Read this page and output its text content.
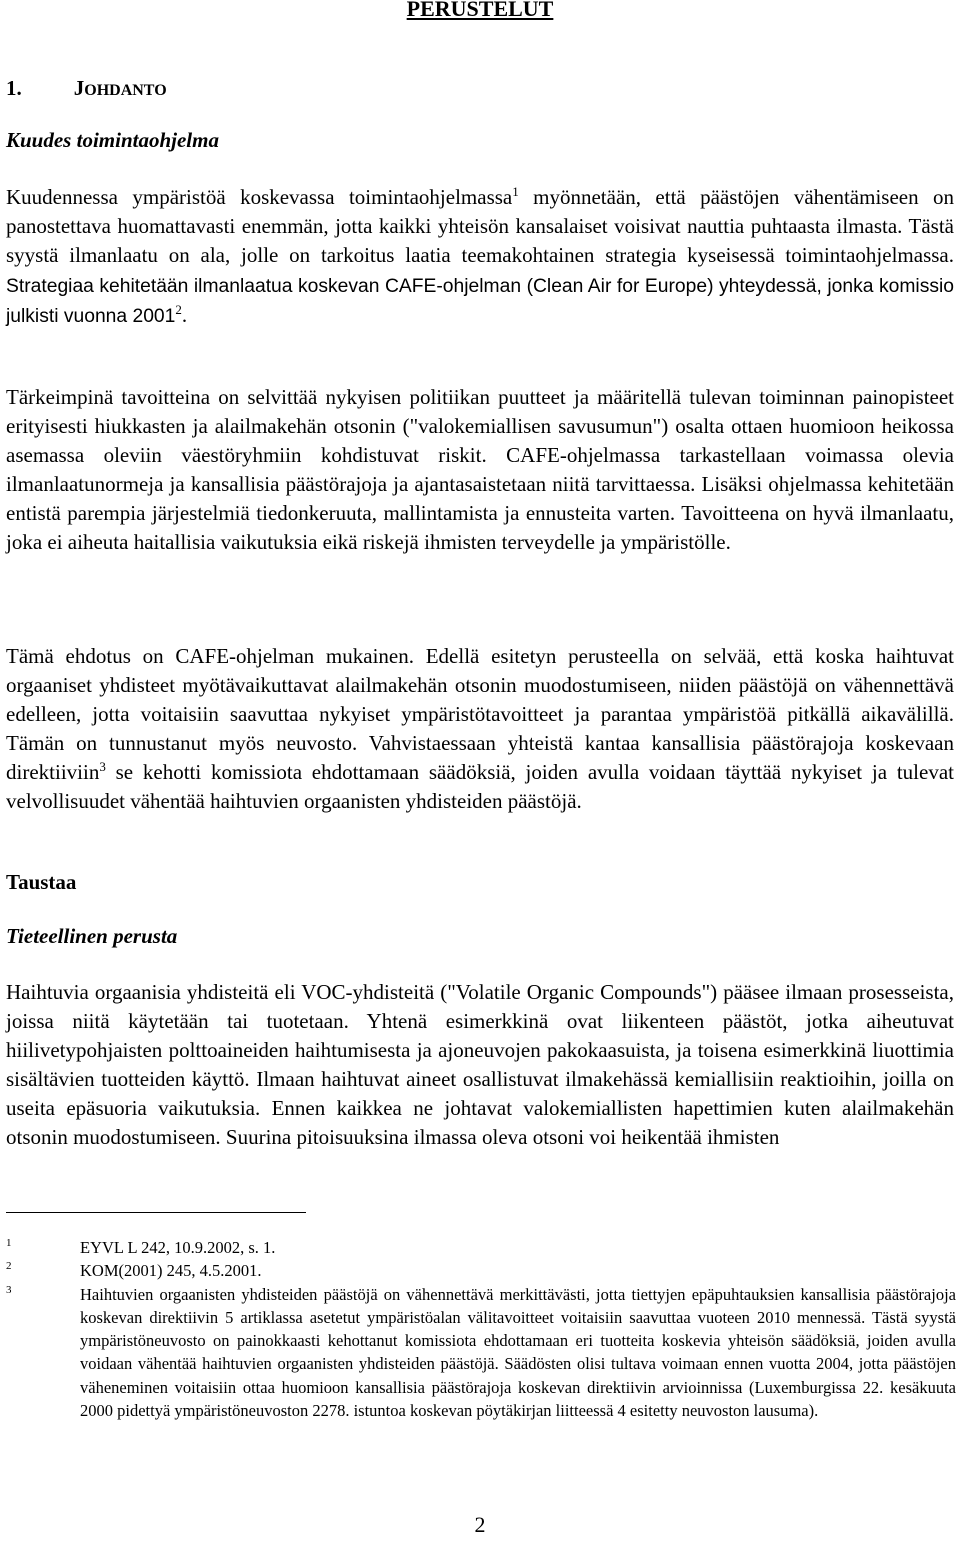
PERUSTELUT
1. JOHDANTO
Kuudes toimintaohjelma

Kuudennessa ympäristöä koskevassa toimintaohjelmassa$^1$ myönnetään, että päästöjen vähentämiseen on panostettava huomattavasti enemmän, jotta kaikki yhteisön kansalaiset voisivat nauttia puhtaasta ilmasta. Tästä syystä ilmanlaatu on ala, jolle on tarkoitus laatia teemakohtainen strategia kyseisessä toimintaohjelmassa. Strategiaa kehitetään ilmanlaatua koskevan CAFE-ohjelman (Clean Air for Europe) yhteydessä, jonka komissio julkisti vuonna 2001$^2$.

Tärkeimpinä tavoitteina on selvittää nykyisen politiikan puutteet ja määritellä tulevan toiminnan painopisteet erityisesti hiukkasten ja alailmakehän otsonin ("valokemiallisen savusumun") osalta ottaen huomioon heikossa asemassa oleviin väestöryhmiin kohdistuvat riskit. CAFE-ohjelmassa tarkastellaan voimassa olevia ilmanlaatunormeja ja kansallisia päästörajoja ja ajantasaistetaan niitä tarvittaessa. Lisäksi ohjelmassa kehitetään entistä parempia järjestelmiä tiedonkeruuta, mallintamista ja ennusteita varten. Tavoitteena on hyvä ilmanlaatu, joka ei aiheuta haitallisia vaikutuksia eikä riskejä ihmisten terveydelle ja ympäristölle.

Tämä ehdotus on CAFE-ohjelman mukainen. Edellä esitetyn perusteella on selvää, että koska haihtuvat orgaaniset yhdisteet myötävaikuttavat alailmakehän otsonin muodostumiseen, niiden päästöjä on vähennettävä edelleen, jotta voitaisiin saavuttaa nykyiset ympäristötavoitteet ja parantaa ympäristöä pitkällä aikavälillä. Tämän on tunnustanut myös neuvosto. Vahvistaessaan yhteistä kantaa kansallisia päästörajoja koskevaan direktiiviin$^3$ se kehotti komissiota ehdottamaan säädöksiä, joiden avulla voidaan täyttää nykyiset ja tulevat velvollisuudet vähentää haihtuvien orgaanisten yhdisteiden päästöjä.

Taustaa
Tieteellinen perusta

Haihtuvia orgaanisia yhdisteitä eli VOC-yhdisteitä ("Volatile Organic Compounds") pääsee ilmaan prosesseista, joissa niitä käytetään tai tuotetaan. Yhtenä esimerkkinä ovat liikenteen päästöt, jotka aiheutuvat hiilivetypohjaisten polttoaineiden haihtumisesta ja ajoneuvojen pakokaasuista, ja toisena esimerkkinä liuottimia sisältävien tuotteiden käyttö. Ilmaan haihtuvat aineet osallistuvat ilmakehässä kemiallisiin reaktioihin, joilla on useita epäsuoria vaikutuksia. Ennen kaikkea ne johtavat valokemiallisten hapettimien kuten alailmakehän otsonin muodostumiseen. Suurina pitoisuuksina ilmassa oleva otsoni voi heikentää ihmisten

1	EYVL L 242, 10.9.2002, s. 1.
2	KOM(2001) 245, 4.5.2001.
3	Haihtuvien orgaanisten yhdisteiden päästöjä on vähennettävä merkittävästi, jotta tiettyjen epäpuhtauksien kansallisia päästörajoja koskevan direktiivin 5 artiklassa asetetut ympäristöalan välitavoitteet voitaisiin saavuttaa vuoteen 2010 mennessä. Tästä syystä ympäristöneuvosto on painokkaasti kehottanut komissiota ehdottamaan eri tuotteita koskevia yhteisön säädöksiä, joiden avulla voidaan vähentää haihtuvien orgaanisten yhdisteiden päästöjä. Säädösten olisi tultava voimaan ennen vuotta 2004, jotta päästöjen väheneminen voitaisiin ottaa huomioon kansallisia päästörajoja koskevan direktiivin arvioinnissa (Luxemburgissa 22. kesäkuuta 2000 pidettyä ympäristöneuvoston 2278. istuntoa koskevan pöytäkirjan liitteessä 4 esitetty neuvoston lausuma).
2
